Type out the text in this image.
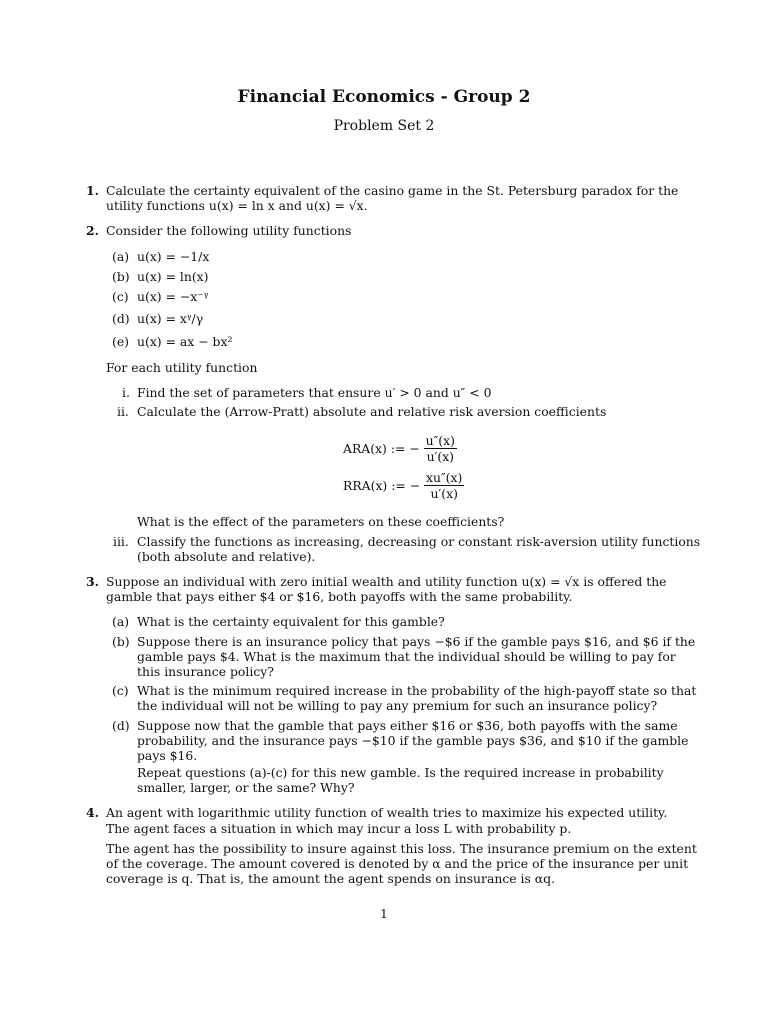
Financial Economics - Group 2
Problem Set 2
1. Calculate the certainty equivalent of the casino game in the St. Petersburg paradox for the
utility functions u(x) = ln x and u(x) = √x.
2. Consider the following utility functions
(a) u(x) = −1/x
(b) u(x) = ln(x)
(c) u(x) = −x⁻ᵞ
(d) u(x) = xᵞ/γ
(e) u(x) = ax − bx²
For each utility function
i. Find the set of parameters that ensure u′ > 0 and u″ < 0
ii. Calculate the (Arrow-Pratt) absolute and relative risk aversion coefficients
ARA(x) := − $\frac{u''(x)}{u'(x)}$
RRA(x) := − $\frac{xu''(x)}{u'(x)}$
What is the effect of the parameters on these coefficients?
iii. Classify the functions as increasing, decreasing or constant risk-aversion utility functions
(both absolute and relative).
3. Suppose an individual with zero initial wealth and utility function u(x) = √x is offered the
gamble that pays either $4 or $16, both payoffs with the same probability.
(a) What is the certainty equivalent for this gamble?
(b) Suppose there is an insurance policy that pays −$6 if the gamble pays $16, and $6 if the
gamble pays $4. What is the maximum that the individual should be willing to pay for
this insurance policy?
(c) What is the minimum required increase in the probability of the high-payoff state so that
the individual will not be willing to pay any premium for such an insurance policy?
(d) Suppose now that the gamble that pays either $16 or $36, both payoffs with the same
probability, and the insurance pays −$10 if the gamble pays $36, and $10 if the gamble
pays $16.
Repeat questions (a)-(c) for this new gamble. Is the required increase in probability
smaller, larger, or the same? Why?
4. An agent with logarithmic utility function of wealth tries to maximize his expected utility.
The agent faces a situation in which may incur a loss L with probability p.
The agent has the possibility to insure against this loss. The insurance premium on the extent
of the coverage. The amount covered is denoted by α and the price of the insurance per unit
coverage is q. That is, the amount the agent spends on insurance is αq.
1
